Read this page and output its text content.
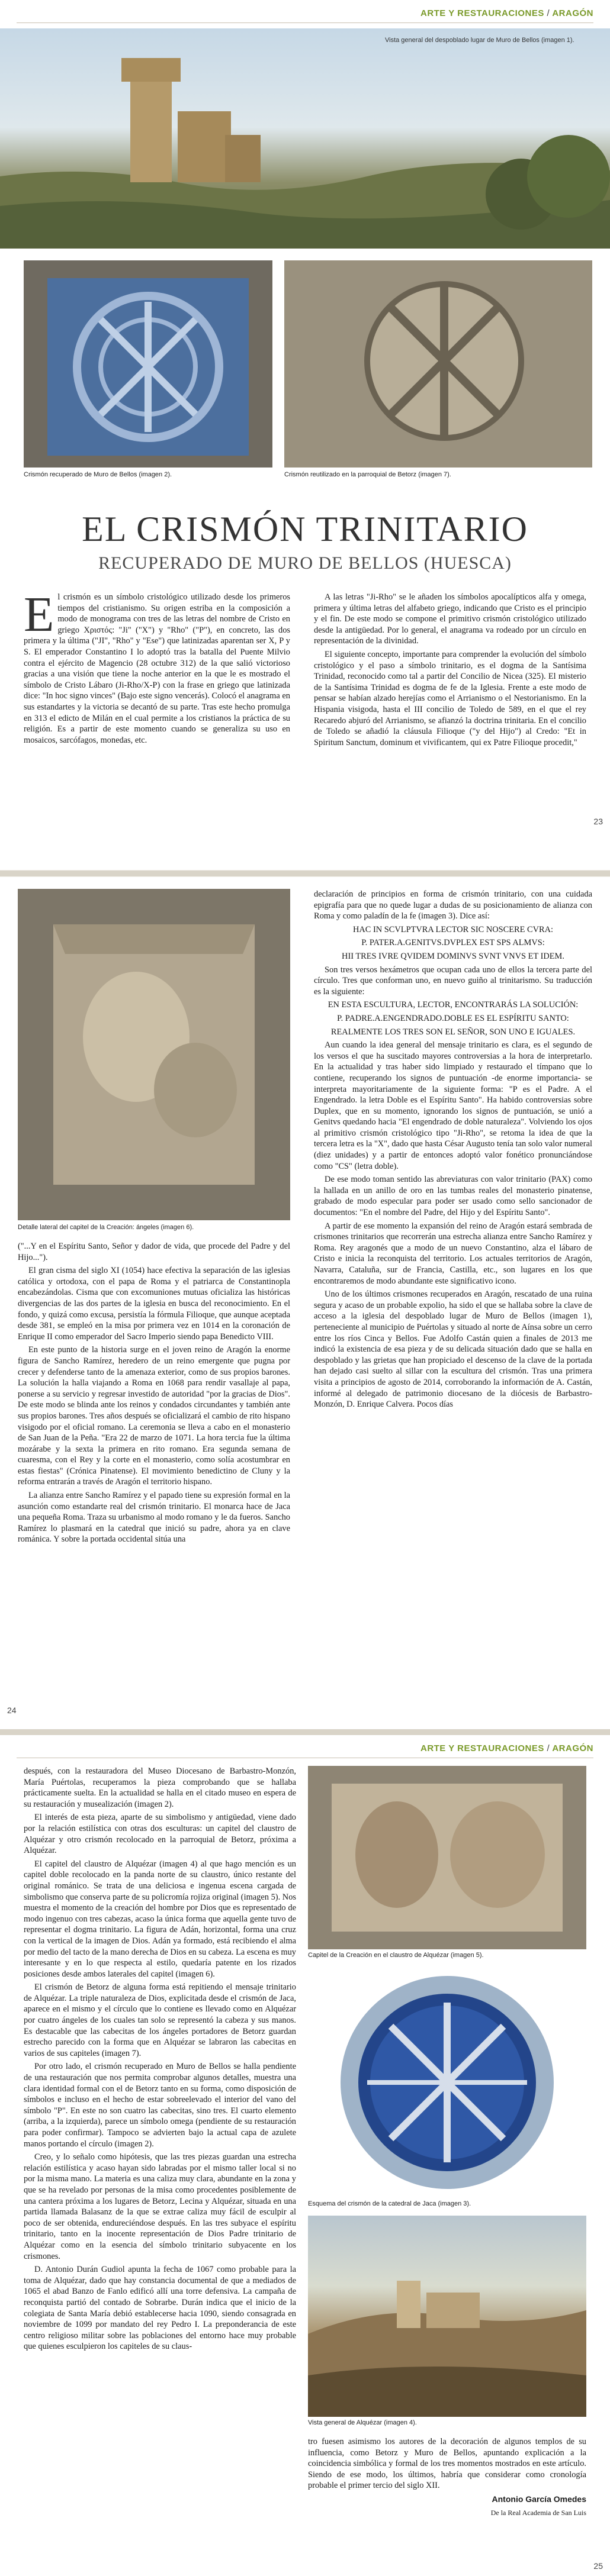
ARTE Y RESTAURACIONES / ARAGÓN
Vista general del despoblado lugar de Muro de Bellos (imagen 1).
Crismón recuperado de Muro de Bellos (imagen 2).	Crismón reutilizado en la parroquial de Betorz (imagen 7).
EL CRISMÓN TRINITARIO
RECUPERADO DE MURO DE BELLOS (HUESCA)

El crismón es un símbolo cristológico utilizado desde los primeros tiempos del cristianismo. Su origen estriba en la composición a modo de monograma con tres de las letras del nombre de Cristo en griego Χριστός: "Ji" ("X") y "Rho" ("P"), en concreto, las dos primera y la última ("JI", "Rho" y "Ese") que latinizadas aparentan ser X, P y S. El emperador Constantino I lo adoptó tras la batalla del Puente Milvio contra el ejército de Magencio (28 octubre 312) de la que salió victorioso gracias a una visión que tiene la noche anterior en la que le es mostrado el símbolo de Cristo Lábaro (Ji-Rho/X-P) con la frase en griego que latinizada dice: "In hoc signo vinces" (Bajo este signo vencerás). Colocó el anagrama en sus estandartes y la victoria se decantó de su parte. Tras este hecho promulga en 313 el edicto de Milán en el cual permite a los cristianos la práctica de su religión. Es a partir de este momento cuando se generaliza su uso en mosaicos, sarcófagos, monedas, etc.

A las letras "Ji-Rho" se le añaden los símbolos apocalípticos alfa y omega, primera y última letras del alfabeto griego, indicando que Cristo es el principio y el fin. De este modo se compone el primitivo crismón cristológico utilizado desde la antigüedad. Por lo general, el anagrama va rodeado por un círculo en representación de la divinidad.

El siguiente concepto, importante para comprender la evolución del símbolo cristológico y el paso a símbolo trinitario, es el dogma de la Santísima Trinidad, reconocido como tal a partir del Concilio de Nicea (325). El misterio de la Santísima Trinidad es dogma de fe de la Iglesia. Frente a este modo de pensar se habían alzado herejías como el Arrianismo o el Nestorianismo. En la Hispania visigoda, hasta el III concilio de Toledo de 589, en el que el rey Recaredo abjuró del Arrianismo, se afianzó la doctrina trinitaria. En el concilio de Toledo se añadió la cláusula Filioque ("y del Hijo") al Credo: "Et in Spiritum Sanctum, dominum et vivificantem, qui ex Patre Filioque procedit,"

23
Detalle lateral del capitel de la Creación: ángeles (imagen 6).

("...Y en el Espíritu Santo, Señor y dador de vida, que procede del Padre y del Hijo...").

El gran cisma del siglo XI (1054) hace efectiva la separación de las iglesias católica y ortodoxa, con el papa de Roma y el patriarca de Constantinopla encabezándolas. Cisma que con excomuniones mutuas oficializa las históricas divergencias de las dos partes de la iglesia en busca del reconocimiento. En el fondo, y quizá como excusa, persistía la fórmula Filioque, que aunque aceptada desde 381, se empleó en la misa por primera vez en 1014 en la coronación de Enrique II como emperador del Sacro Imperio siendo papa Benedicto VIII.

En este punto de la historia surge en el joven reino de Aragón la enorme figura de Sancho Ramírez, heredero de un reino emergente que pugna por crecer y defenderse tanto de la amenaza exterior, como de sus propios barones. La solución la halla viajando a Roma en 1068 para rendir vasallaje al papa, ponerse a su servicio y regresar investido de autoridad "por la gracias de Dios". De este modo se blinda ante los reinos y condados circundantes y también ante sus propios barones. Tres años después se oficializará el cambio de rito hispano visigodo por el oficial romano. La ceremonia se lleva a cabo en el monasterio de San Juan de la Peña. "Era 22 de marzo de 1071. La hora tercia fue la última mozárabe y la sexta la primera en rito romano. Era segunda semana de cuaresma, con el Rey y la corte en el monasterio, como solía acostumbrar en estas fiestas" (Crónica Pinatense). El movimiento benedictino de Cluny y la reforma entrarán a través de Aragón el territorio hispano.

La alianza entre Sancho Ramírez y el papado tiene su expresión formal en la asunción como estandarte real del crismón trinitario. El monarca hace de Jaca una pequeña Roma. Traza su urbanismo al modo romano y le da fueros. Sancho Ramírez lo plasmará en la catedral que inició su padre, ahora ya en clave románica. Y sobre la portada occidental sitúa una

declaración de principios en forma de crismón trinitario, con una cuidada epigrafía para que no quede lugar a dudas de su posicionamiento de alianza con Roma y como paladín de la fe (imagen 3). Dice así:

HAC IN SCVLPTVRA LECTOR SIC NOSCERE CVRA:

P. PATER.A.GENITVS.DVPLEX EST SPS ALMVS:

HII TRES IVRE QVIDEM DOMINVS SVNT VNVS ET IDEM.

Son tres versos hexámetros que ocupan cada uno de ellos la tercera parte del círculo. Tres que conforman uno, en nuevo guiño al trinitarismo. Su traducción es la siguiente:

EN ESTA ESCULTURA, LECTOR, ENCONTRARÁS LA SOLUCIÓN:

P. PADRE.A.ENGENDRADO.DOBLE ES EL ESPÍRITU SANTO:

REALMENTE LOS TRES SON EL SEÑOR, SON UNO E IGUALES.

Aun cuando la idea general del mensaje trinitario es clara, es el segundo de los versos el que ha suscitado mayores controversias a la hora de interpretarlo. En la actualidad y tras haber sido limpiado y restaurado el tímpano que lo contiene, recuperando los signos de puntuación -de enorme importancia- se interpreta mayoritariamente de la siguiente forma: "P es el Padre. A el Engendrado. la letra Doble es el Espíritu Santo". Ha habido controversias sobre Duplex, que en su momento, ignorando los signos de puntuación, se unió a Genitvs quedando hacia "El engendrado de doble naturaleza". Volviendo los ojos al primitivo crismón cristológico tipo "Ji-Rho", se retoma la idea de que la tercera letra es la "X", dado que hasta César Augusto tenía tan solo valor numeral (diez unidades) y a partir de entonces adoptó valor fonético pronunciándose como "CS" (letra doble).

De ese modo toman sentido las abreviaturas con valor trinitario (PAX) como la hallada en un anillo de oro en las tumbas reales del monasterio pinatense, grabado de modo especular para poder ser usado como sello sancionador de documentos: "En el nombre del Padre, del Hijo y del Espíritu Santo".

A partir de ese momento la expansión del reino de Aragón estará sembrada de crismones trinitarios que recorrerán una estrecha alianza entre Sancho Ramírez y Roma. Rey aragonés que a modo de un nuevo Constantino, alza el lábaro de Cristo e inicia la reconquista del territorio. Los actuales territorios de Aragón, Navarra, Cataluña, sur de Francia, Castilla, etc., son lugares en los que encontraremos de modo abundante este significativo icono.

Uno de los últimos crismones recuperados en Aragón, rescatado de una ruina segura y acaso de un probable expolio, ha sido el que se hallaba sobre la clave de acceso a la iglesia del despoblado lugar de Muro de Bellos (imagen 1), perteneciente al municipio de Puértolas y situado al norte de Aínsa sobre un cerro entre los ríos Cinca y Bellos. Fue Adolfo Castán quien a finales de 2013 me indicó la existencia de esa pieza y de su delicada situación dado que se halla en despoblado y las grietas que han propiciado el descenso de la clave de la portada han dejado casi suelto al sillar con la escultura del crismón. Tras una primera visita a principios de agosto de 2014, corroborando la información de A. Castán, informé al delegado de patrimonio diocesano de la diócesis de Barbastro-Monzón, D. Enrique Calvera. Pocos días

24
ARTE Y RESTAURACIONES / ARAGÓN

después, con la restauradora del Museo Diocesano de Barbastro-Monzón, María Puértolas, recuperamos la pieza comprobando que se hallaba prácticamente suelta. En la actualidad se halla en el citado museo en espera de su restauración y musealización (imagen 2).

El interés de esta pieza, aparte de su simbolismo y antigüedad, viene dado por la relación estilística con otras dos esculturas: un capitel del claustro de Alquézar y otro crismón recolocado en la parroquial de Betorz, próxima a Alquézar.

El capitel del claustro de Alquézar (imagen 4) al que hago mención es un capitel doble recolocado en la panda norte de su claustro, único restante del original románico. Se trata de una deliciosa e ingenua escena cargada de simbolismo que conserva parte de su policromía rojiza original (imagen 5). Nos muestra el momento de la creación del hombre por Dios que es representado de modo ingenuo con tres cabezas, acaso la única forma que aquella gente tuvo de representar el dogma trinitario. La figura de Adán, horizontal, forma una cruz con la vertical de la imagen de Dios. Adán ya formado, está recibiendo el alma por medio del tacto de la mano derecha de Dios en su cabeza. La escena es muy interesante y en lo que respecta al estilo, quedaría patente en los rizados posiciones desde ambos laterales del capitel (imagen 6).

El crismón de Betorz de alguna forma está repitiendo el mensaje trinitario de Alquézar. La triple naturaleza de Dios, explicitada desde el crismón de Jaca, aparece en el mismo y el círculo que lo contiene es llevado como en Alquézar por cuatro ángeles de los cuales tan solo se representó la cabeza y sus manos. Es destacable que las cabecitas de los ángeles portadores de Betorz guardan estrecho parecido con la forma que en Alquézar se labraron las cabecitas en varios de sus capiteles (imagen 7).

Por otro lado, el crismón recuperado en Muro de Bellos se halla pendiente de una restauración que nos permita comprobar algunos detalles, muestra una clara identidad formal con el de Betorz tanto en su forma, como disposición de símbolos e incluso en el hecho de estar sobreelevado el interior del vano del símbolo "P". En este no son cuatro las cabecitas, sino tres. El cuarto elemento (arriba, a la izquierda), parece un símbolo omega (pendiente de su restauración para poder confirmar). Tampoco se advierten bajo la actual capa de azulete manos portando el círculo (imagen 2).

Creo, y lo señalo como hipótesis, que las tres piezas guardan una estrecha relación estilística y acaso hayan sido labradas por el mismo taller local si no por la misma mano. La materia es una caliza muy clara, abundante en la zona y que se ha revelado por personas de la misa como procedentes posiblemente de una cantera próxima a los lugares de Betorz, Lecina y Alquézar, situada en una partida llamada Balasanz de la que se extrae caliza muy fácil de esculpir al poco de ser obtenida, endureciéndose después. En las tres subyace el espíritu trinitario, tanto en la inocente representación de Dios Padre trinitario de Alquézar como en la esencia del símbolo trinitario subyacente en los crismones.

D. Antonio Durán Gudiol apunta la fecha de 1067 como probable para la toma de Alquézar, dado que hay constancia documental de que a mediados de 1065 el abad Banzo de Fanlo edificó allí una torre defensiva. La campaña de reconquista partió del contado de Sobrarbe. Durán indica que el inicio de la colegiata de Santa María debió establecerse hacia 1090, siendo consagrada en noviembre de 1099 por mandato del rey Pedro I. La preponderancia de este centro religioso militar sobre las poblaciones del entorno hace muy probable que quienes esculpieron los capiteles de su claus-

Capitel de la Creación en el claustro de Alquézar (imagen 5).
Esquema del crismón de la catedral de Jaca (imagen 3).
Vista general de Alquézar (imagen 4).

tro fuesen asimismo los autores de la decoración de algunos templos de su influencia, como Betorz y Muro de Bellos, apuntando explicación a la coincidencia simbólica y formal de los tres momentos mostrados en este artículo. Siendo de ese modo, los últimos, habría que considerar como cronología probable el primer tercio del siglo XII.

Antonio García Omedes

De la Real Academia de San Luis

25
